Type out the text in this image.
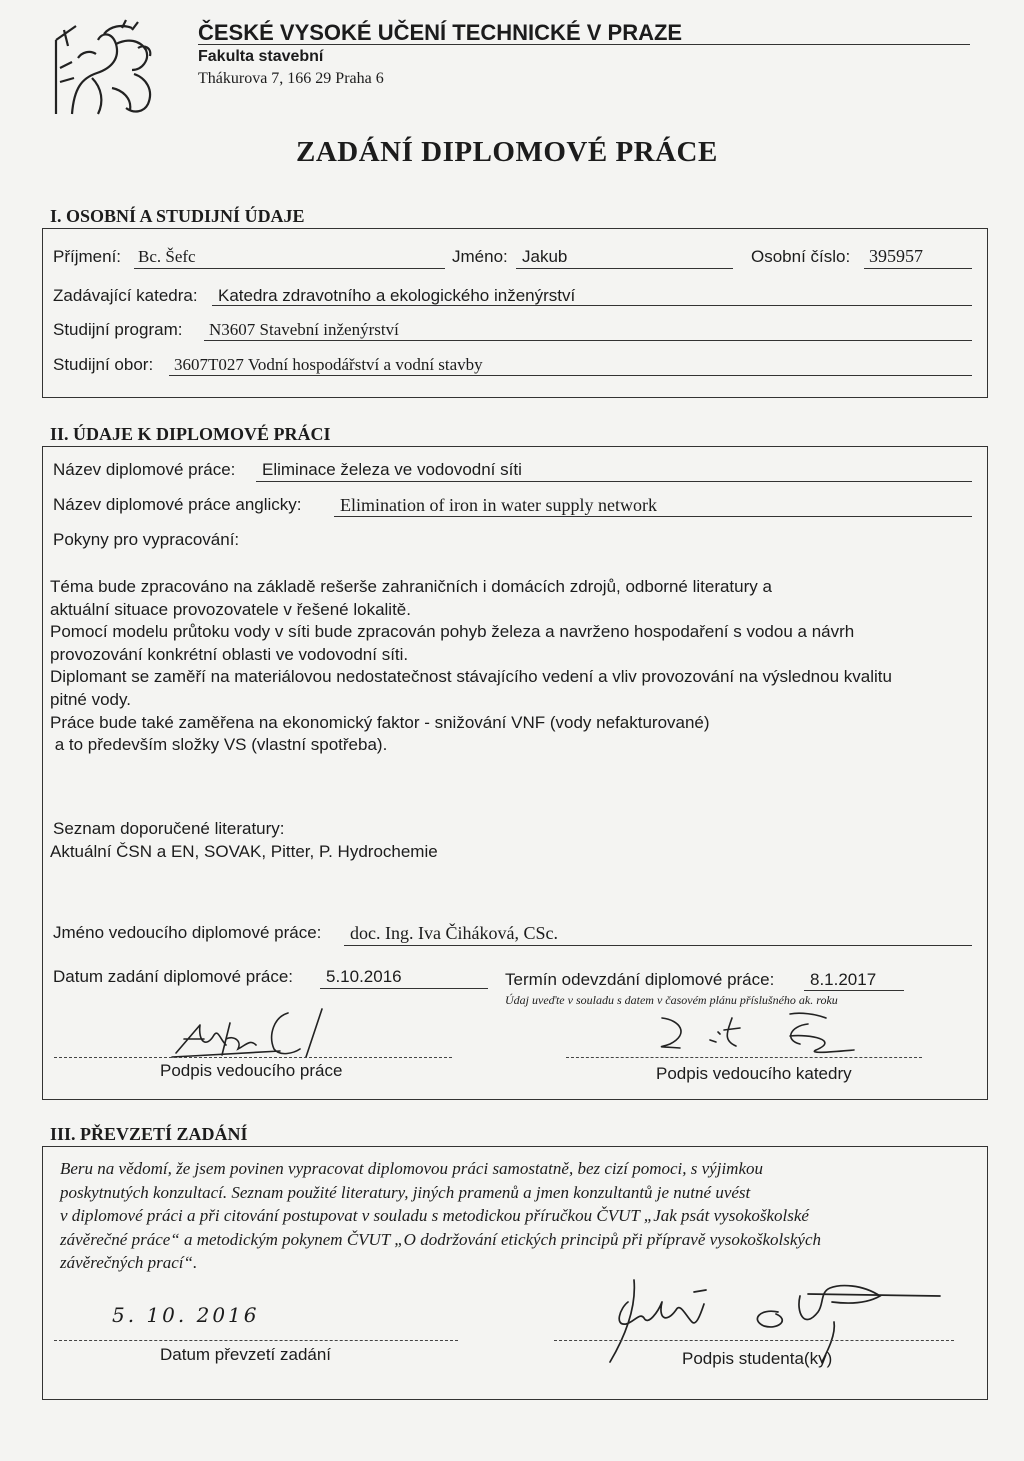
ČESKÉ VYSOKÉ UČENÍ TECHNICKÉ V PRAZE
Fakulta stavební
Thákurova 7, 166 29 Praha 6
ZADÁNÍ DIPLOMOVÉ PRÁCE
I. OSOBNÍ A STUDIJNÍ ÚDAJE
Příjmení: Bc. Šefc	Jméno: Jakub	Osobní číslo: 395957
Zadávající katedra: Katedra zdravotního a ekologického inženýrství
Studijní program: N3607 Stavební inženýrství
Studijní obor: 3607T027 Vodní hospodářství a vodní stavby
II. ÚDAJE K DIPLOMOVÉ PRÁCI
Název diplomové práce: Eliminace železa ve vodovodní síti
Název diplomové práce anglicky: Elimination of iron in water supply network
Pokyny pro vypracování:
Téma bude zpracováno na základě rešerše zahraničních i domácích zdrojů, odborné literatury a
aktuální situace provozovatele v řešené lokalitě.
Pomocí modelu průtoku vody v síti bude zpracován pohyb železa a navrženo hospodaření s vodou a návrh
provozování konkrétní oblasti ve vodovodní síti.
Diplomant se zaměří na materiálovou nedostatečnost stávajícího vedení a vliv provozování na výslednou kvalitu
pitné vody.
Práce bude také zaměřena na ekonomický faktor - snižování VNF (vody nefakturované)
a to především složky VS (vlastní spotřeba).
Seznam doporučené literatury:
Aktuální ČSN a EN, SOVAK, Pitter, P. Hydrochemie
Jméno vedoucího diplomové práce: doc. Ing. Iva Čiháková, CSc.
Datum zadání diplomové práce: 5.10.2016	Termín odevzdání diplomové práce: 8.1.2017
Údaj uveďte v souladu s datem v časovém plánu příslušného ak. roku
Podpis vedoucího práce	Podpis vedoucího katedry
III. PŘEVZETÍ ZADÁNÍ
Beru na vědomí, že jsem povinen vypracovat diplomovou práci samostatně, bez cizí pomoci, s výjimkou
poskytnutých konzultací. Seznam použité literatury, jiných pramenů a jmen konzultantů je nutné uvést
v diplomové práci a při citování postupovat v souladu s metodickou příručkou ČVUT „Jak psát vysokoškolské
závěrečné práce“ a metodickým pokynem ČVUT „O dodržování etických principů při přípravě vysokoškolských
závěrečných prací“.
5. 10. 2016
Datum převzetí zadání	Podpis studenta(ky)
